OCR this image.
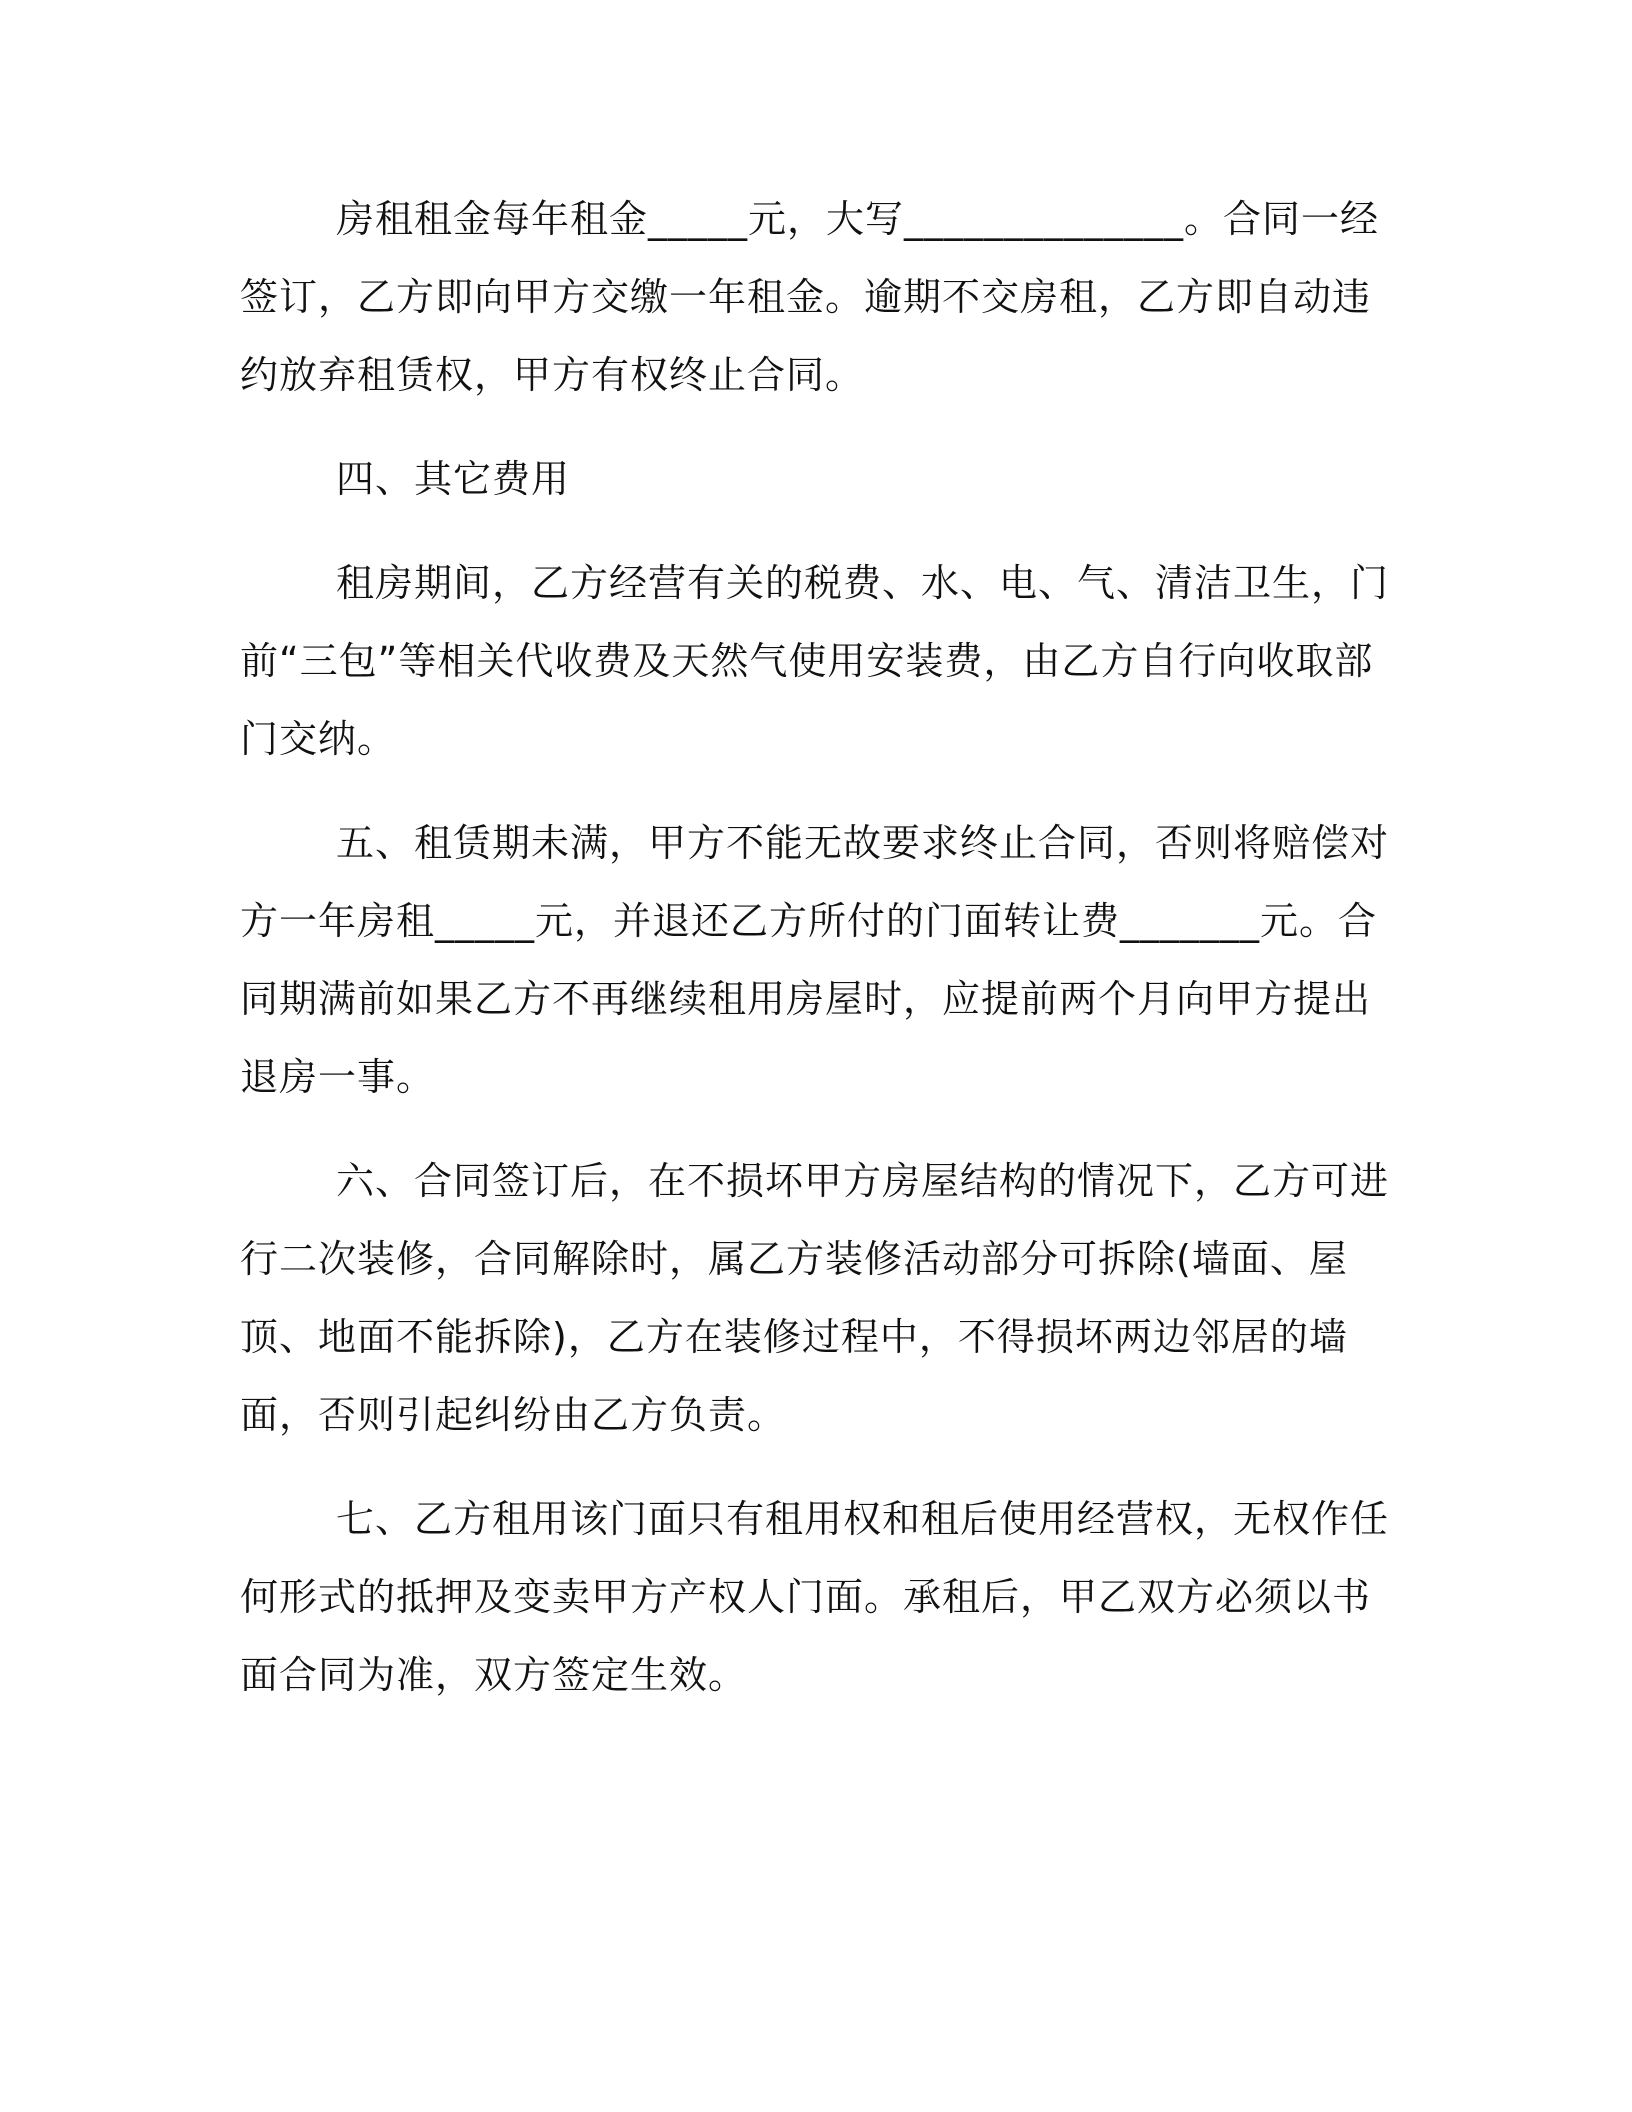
房租租金每年租金_____元，大写______________。合同一经签订，乙方即向甲方交缴一年租金。逾期不交房租，乙方即自动违约放弃租赁权，甲方有权终止合同。

四、其它费用

租房期间，乙方经营有关的税费、水、电、气、清洁卫生，门前“三包”等相关代收费及天然气使用安装费，由乙方自行向收取部门交纳。

五、租赁期未满，甲方不能无故要求终止合同，否则将赔偿对方一年房租_____元，并退还乙方所付的门面转让费_______元。合同期满前如果乙方不再继续租用房屋时，应提前两个月向甲方提出退房一事。

六、合同签订后，在不损坏甲方房屋结构的情况下，乙方可进行二次装修，合同解除时，属乙方装修活动部分可拆除(墙面、屋顶、地面不能拆除)，乙方在装修过程中，不得损坏两边邻居的墙面，否则引起纠纷由乙方负责。

七、乙方租用该门面只有租用权和租后使用经营权，无权作任何形式的抵押及变卖甲方产权人门面。承租后，甲乙双方必须以书面合同为准，双方签定生效。
